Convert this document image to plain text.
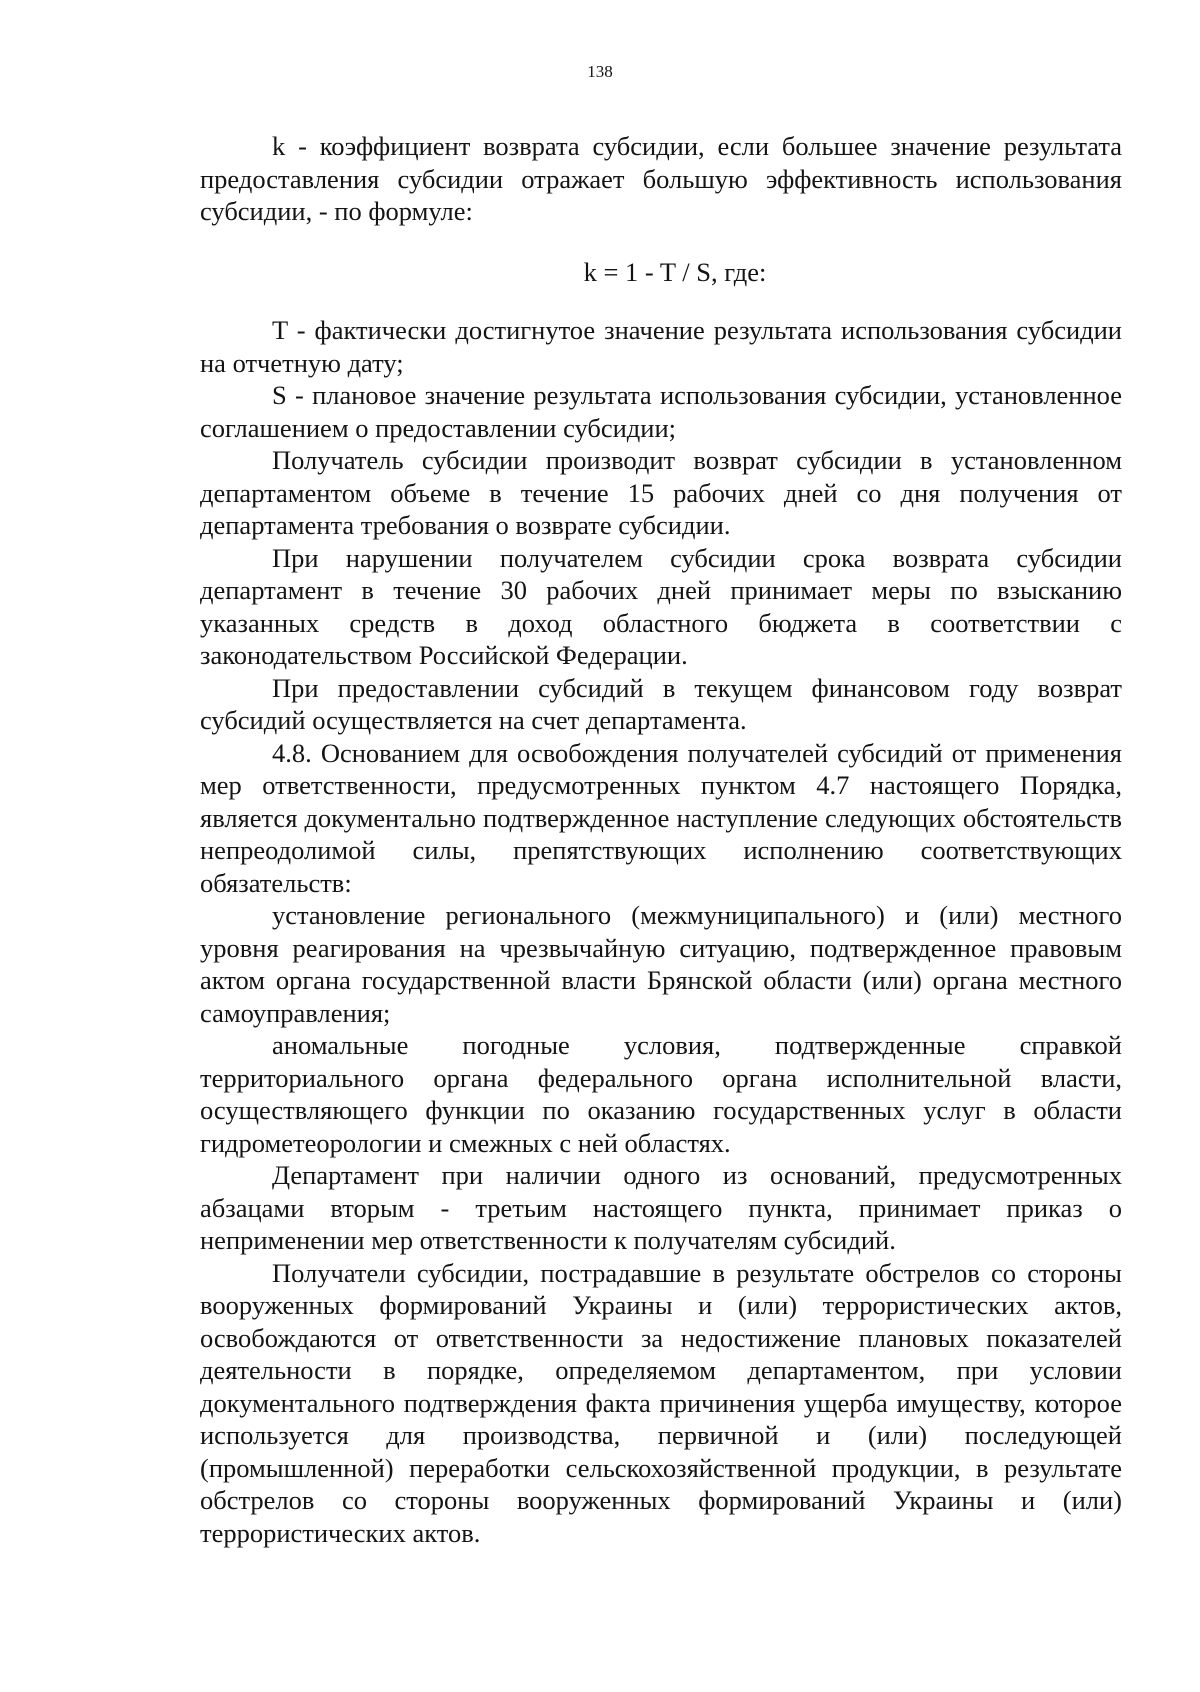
138

k - коэффициент возврата субсидии, если большее значение результата предоставления субсидии отражает большую эффективность использования субсидии, - по формуле:

k = 1 - T / S, где:

T - фактически достигнутое значение результата использования субсидии на отчетную дату;

S - плановое значение результата использования субсидии, установленное соглашением о предоставлении субсидии;

Получатель субсидии производит возврат субсидии в установленном департаментом объеме в течение 15 рабочих дней со дня получения от департамента требования о возврате субсидии.

При нарушении получателем субсидии срока возврата субсидии департамент в течение 30 рабочих дней принимает меры по взысканию указанных средств в доход областного бюджета в соответствии с законодательством Российской Федерации.

При предоставлении субсидий в текущем финансовом году возврат субсидий осуществляется на счет департамента.

4.8. Основанием для освобождения получателей субсидий от применения мер ответственности, предусмотренных пунктом 4.7 настоящего Порядка, является документально подтвержденное наступление следующих обстоятельств непреодолимой силы, препятствующих исполнению соответствующих обязательств:

установление регионального (межмуниципального) и (или) местного уровня реагирования на чрезвычайную ситуацию, подтвержденное правовым актом органа государственной власти Брянской области (или) органа местного самоуправления;

аномальные погодные условия, подтвержденные справкой территориального органа федерального органа исполнительной власти, осуществляющего функции по оказанию государственных услуг в области гидрометеорологии и смежных с ней областях.

Департамент при наличии одного из оснований, предусмотренных абзацами вторым - третьим настоящего пункта, принимает приказ о неприменении мер ответственности к получателям субсидий.

Получатели субсидии, пострадавшие в результате обстрелов со стороны вооруженных формирований Украины и (или) террористических актов, освобождаются от ответственности за недостижение плановых показателей деятельности в порядке, определяемом департаментом, при условии документального подтверждения факта причинения ущерба имуществу, которое используется для производства, первичной и (или) последующей (промышленной) переработки сельскохозяйственной продукции, в результате обстрелов со стороны вооруженных формирований Украины и (или) террористических актов.
